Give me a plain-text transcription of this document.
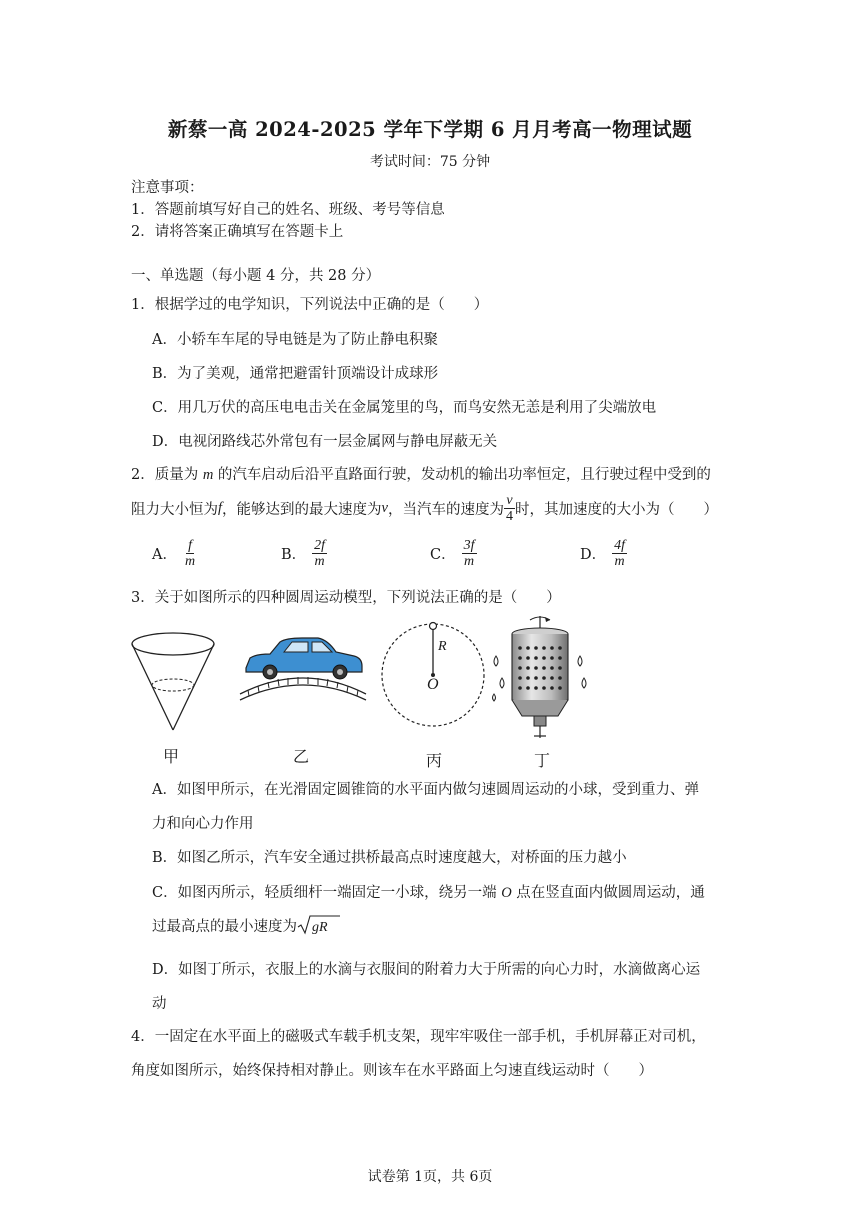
新蔡一高 2024-2025 学年下学期 6 月月考高一物理试题
考试时间：75 分钟
注意事项：
1．答题前填写好自己的姓名、班级、考号等信息
2．请将答案正确填写在答题卡上
一、单选题（每小题 4 分，共 28 分）
1．根据学过的电学知识，下列说法中正确的是（　　）
A．小轿车车尾的导电链是为了防止静电积聚
B．为了美观，通常把避雷针顶端设计成球形
C．用几万伏的高压电电击关在金属笼里的鸟，而鸟安然无恙是利用了尖端放电
D．电视闭路线芯外常包有一层金属网与静电屏蔽无关
2．质量为 m 的汽车启动后沿平直路面行驶，发动机的输出功率恒定，且行驶过程中受到的
阻力大小恒为 f ，能够达到的最大速度为 v ，当汽车的速度为 $\frac{v}{4}$ 时，其加速度的大小为（　　）
A． $\frac{f}{m}$	B． $\frac{2f}{m}$	C． $\frac{3f}{m}$	D． $\frac{4f}{m}$
3．关于如图所示的四种圆周运动模型，下列说法正确的是（　　）
甲	乙
R
O
丙	丁
A．如图甲所示，在光滑固定圆锥筒的水平面内做匀速圆周运动的小球，受到重力、弹
力和向心力作用
B．如图乙所示，汽车安全通过拱桥最高点时速度越大，对桥面的压力越小
C．如图丙所示，轻质细杆一端固定一小球，绕另一端 O 点在竖直面内做圆周运动，通
过最高点的最小速度为 gR
D．如图丁所示，衣服上的水滴与衣服间的附着力大于所需的向心力时，水滴做离心运
动
4．一固定在水平面上的磁吸式车载手机支架，现牢牢吸住一部手机，手机屏幕正对司机，
角度如图所示，始终保持相对静止。则该车在水平路面上匀速直线运动时（　　）
试卷第 1页，共 6页
